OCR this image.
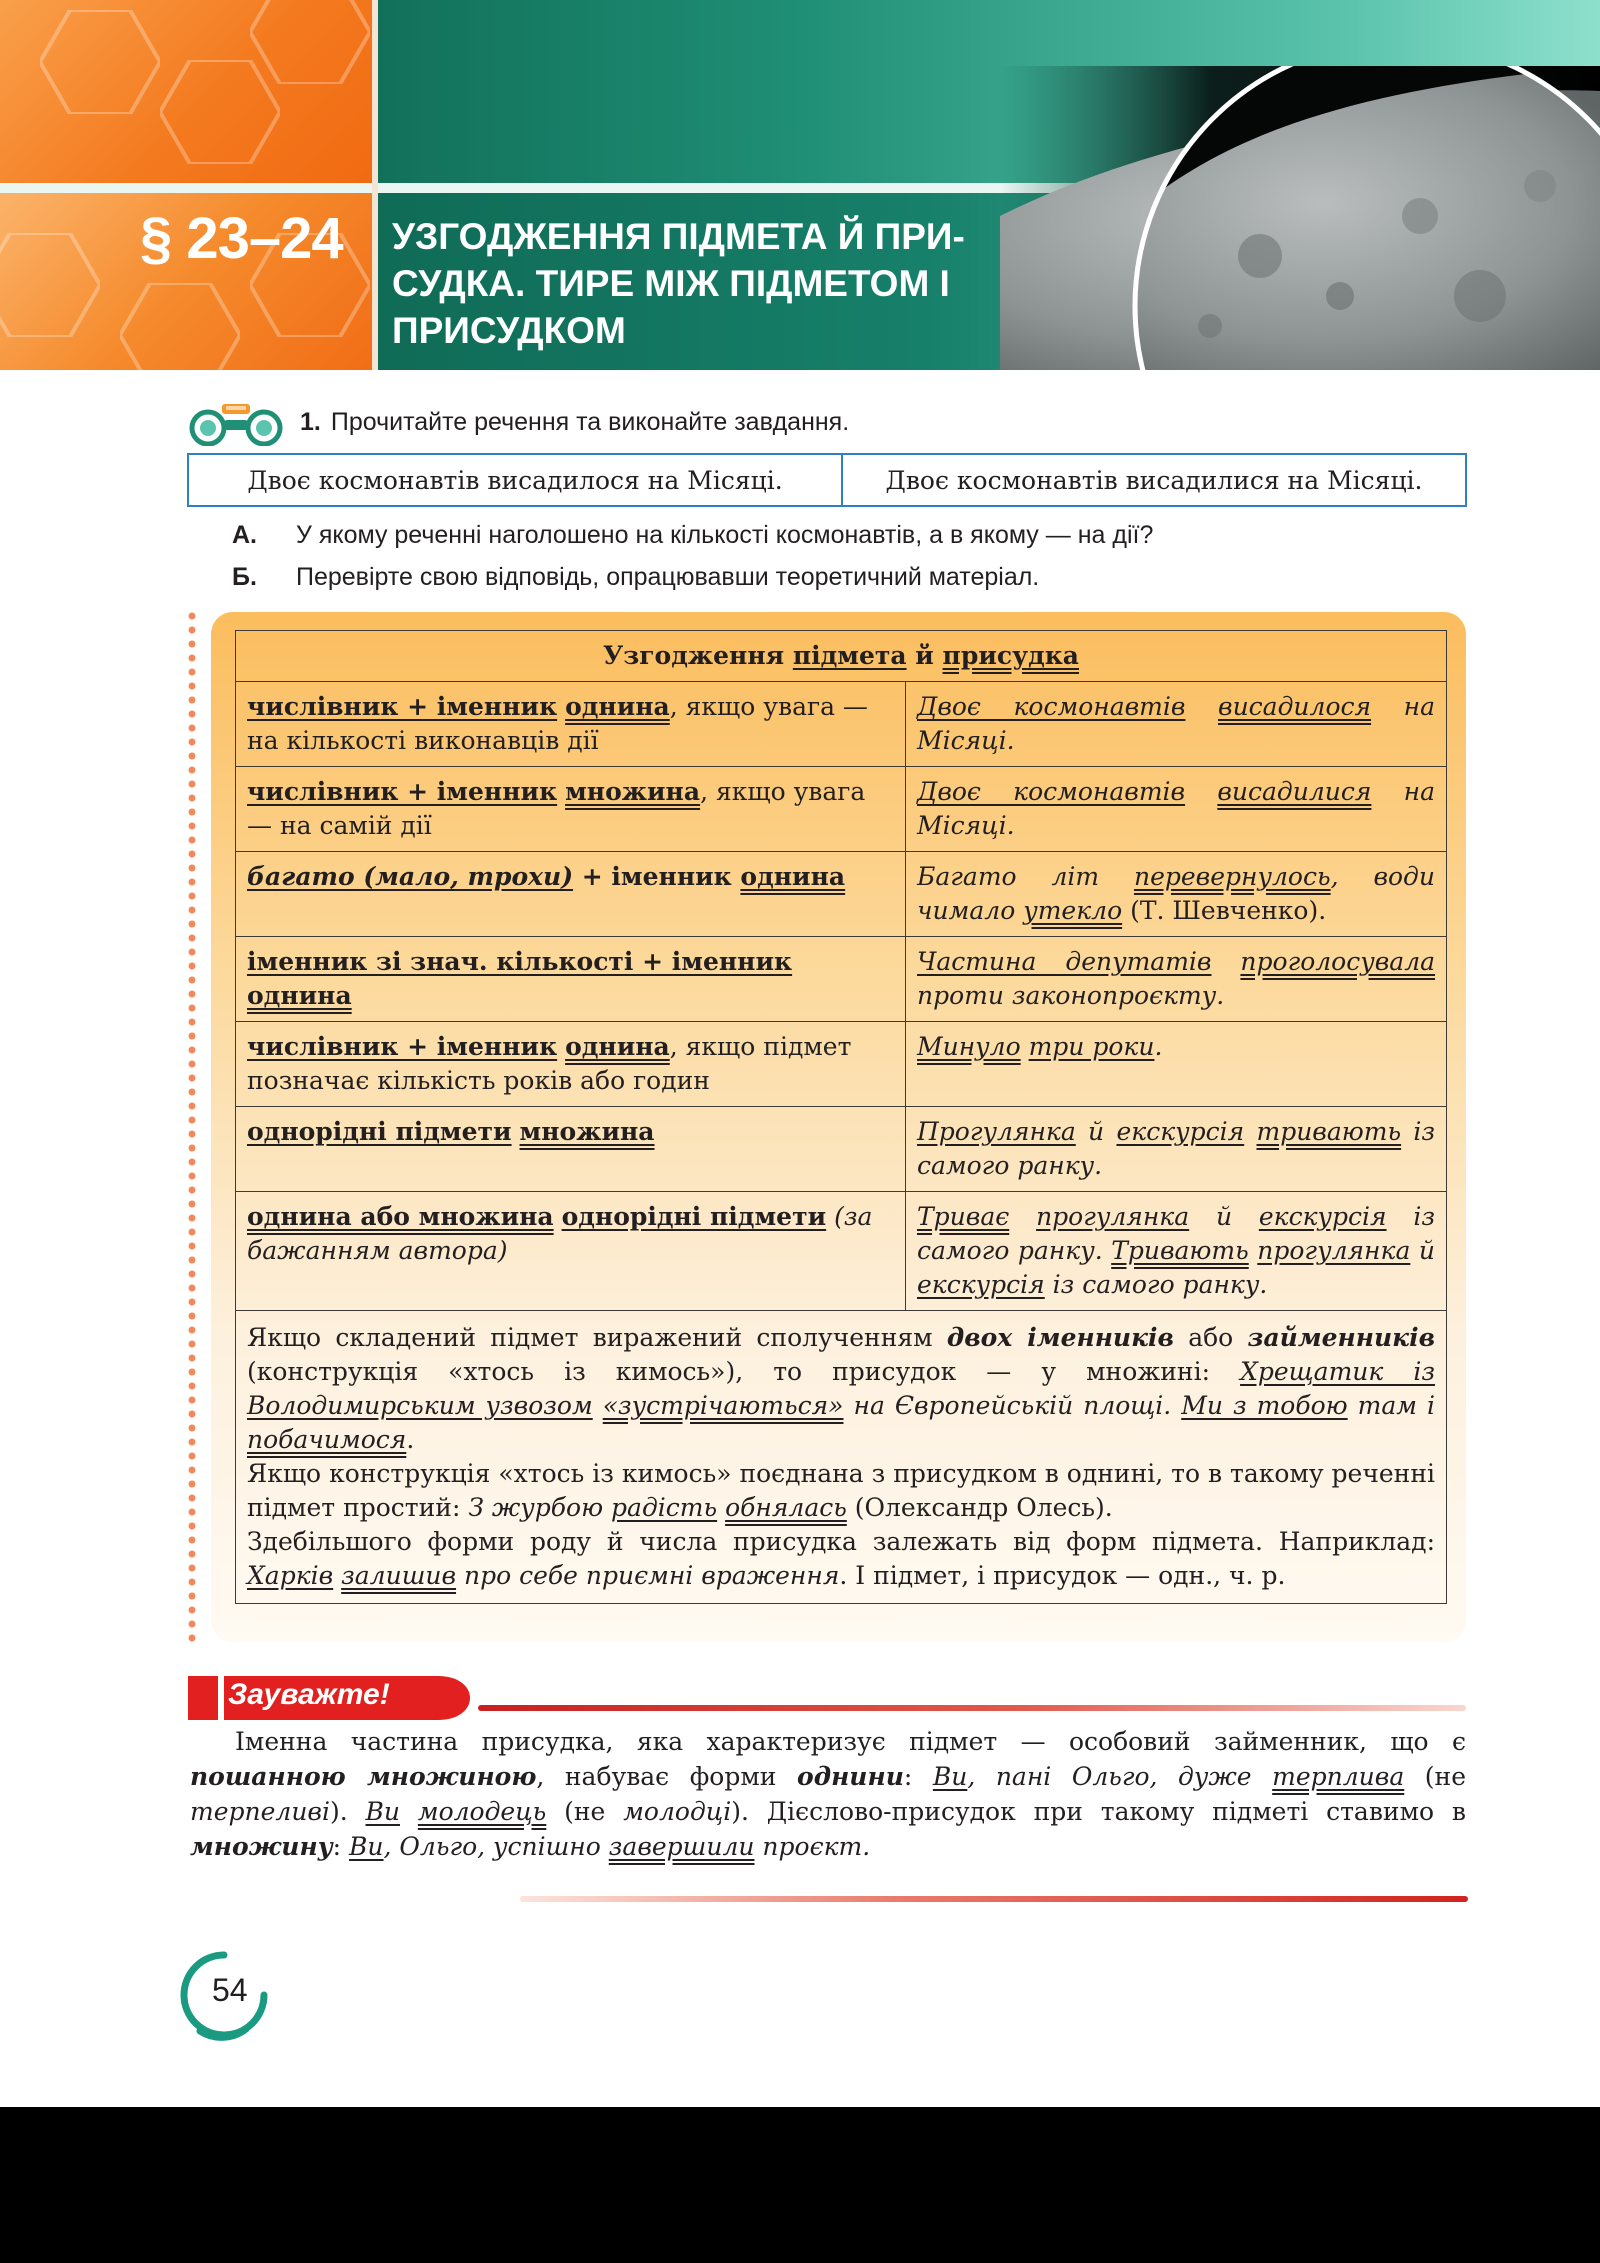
§ 23–24 УЗГОДЖЕННЯ ПІДМЕТА Й ПРИ-
СУДКА. ТИРЕ МІЖ ПІДМЕТОМ І
ПРИСУДКОМ
1. Прочитайте речення та виконайте завдання.
Двоє космонавтів висадилося на Місяці.	Двоє космонавтів висадилися на Місяці.
А. У якому реченні наголошено на кількості космонавтів, а в якому — на дії?
Б. Перевірте свою відповідь, опрацювавши теоретичний матеріал.
Узгодження підмета й присудка	
числівник + іменник однина, якщо увага — на кількості виконавців дії	Двоє космонавтів висадилося на Місяці.
числівник + іменник множина, якщо увага — на самій дії	Двоє космонавтів висадилися на Місяці.
багато (мало, трохи) + іменник однина	Багато літ перевернулось, води чималo утекло (Т. Шевченко).
іменник зі знач. кількості + іменник однина	Частина депутатів проголосувала проти законопроєкту.
числівник + іменник однина, якщо підмет позначає кількість років або годин	Минуло три роки.
однорідні підмети множина	Прогулянка й екскурсія тривають із самого ранку.
однина або множина однорідні підмети (за бажанням автора)	Триває прогулянка й екскурсія із самого ранку. Тривають прогулянка й екскурсія із самого ранку.

Якщо складений підмет виражений сполученням двох іменників або займенників (конструкція «хтось із кимось»), то присудок — у множині: Хрещатик із Володимирським узвозом «зустрічаються» на Європейській площі. Ми з тобою там і побачимося.
Якщо конструкція «хтось із кимось» поєднана з присудком в однині, то в такому реченні підмет простий: З журбою радість обнялась (Олександр Олесь).
Здебільшого форми роду й числа присудка залежать від форм підмета. Наприклад: Харків залишив про себе приємні враження. І підмет, і присудок — одн., ч. р.	
Зауважте!
Іменна частина присудка, яка характеризує підмет — особовий займенник, що є пошанною множиною, набуває форми однини: Ви, пані Ольго, дуже терплива (не терпеливі). Ви молодець (не молодці). Дієслово-присудок при такому підметі ставимо в множину: Ви, Ольго, успішно завершили проєкт.
54
